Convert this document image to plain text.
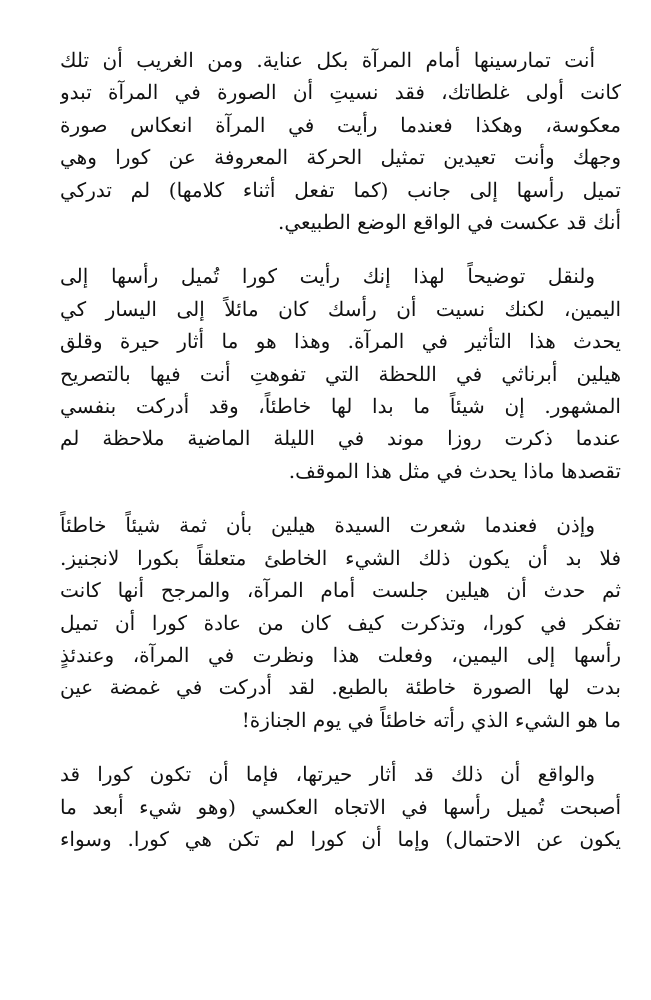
أنت تمارسينها أمام المرآة بكل عناية. ومن الغريب أن تلك
كانت أولى غلطاتك، فقد نسيتِ أن الصورة في المرآة تبدو
معكوسة، وهكذا فعندما رأيت في المرآة انعكاس صورة
وجهك وأنت تعيدين تمثيل الحركة المعروفة عن كورا وهي
تميل رأسها إلى جانب (كما تفعل أثناء كلامها) لم تدركي
أنك قد عكست في الواقع الوضع الطبيعي.
ولنقل توضيحاً لهذا إنك رأيت كورا تُميل رأسها إلى
اليمين، لكنك نسيت أن رأسك كان مائلاً إلى اليسار كي
يحدث هذا التأثير في المرآة. وهذا هو ما أثار حيرة وقلق
هيلين أبرناثي في اللحظة التي تفوهتِ أنت فيها بالتصريح
المشهور. إن شيئاً ما بدا لها خاطئاً، وقد أدركت بنفسي
عندما ذكرت روزا موند في الليلة الماضية ملاحظة لم
تقصدها ماذا يحدث في مثل هذا الموقف.
وإذن فعندما شعرت السيدة هيلين بأن ثمة شيئاً خاطئاً
فلا بد أن يكون ذلك الشيء الخاطئ متعلقاً بكورا لانجنيز.
ثم حدث أن هيلين جلست أمام المرآة، والمرجح أنها كانت
تفكر في كورا، وتذكرت كيف كان من عادة كورا أن تميل
رأسها إلى اليمين، وفعلت هذا ونظرت في المرآة، وعندئذٍ
بدت لها الصورة خاطئة بالطبع. لقد أدركت في غمضة عين
ما هو الشيء الذي رأته خاطئاً في يوم الجنازة!
والواقع أن ذلك قد أثار حيرتها، فإما أن تكون كورا قد
أصبحت تُميل رأسها في الاتجاه العكسي (وهو شيء أبعد ما
يكون عن الاحتمال) وإما أن كورا لم تكن هي كورا. وسواء
